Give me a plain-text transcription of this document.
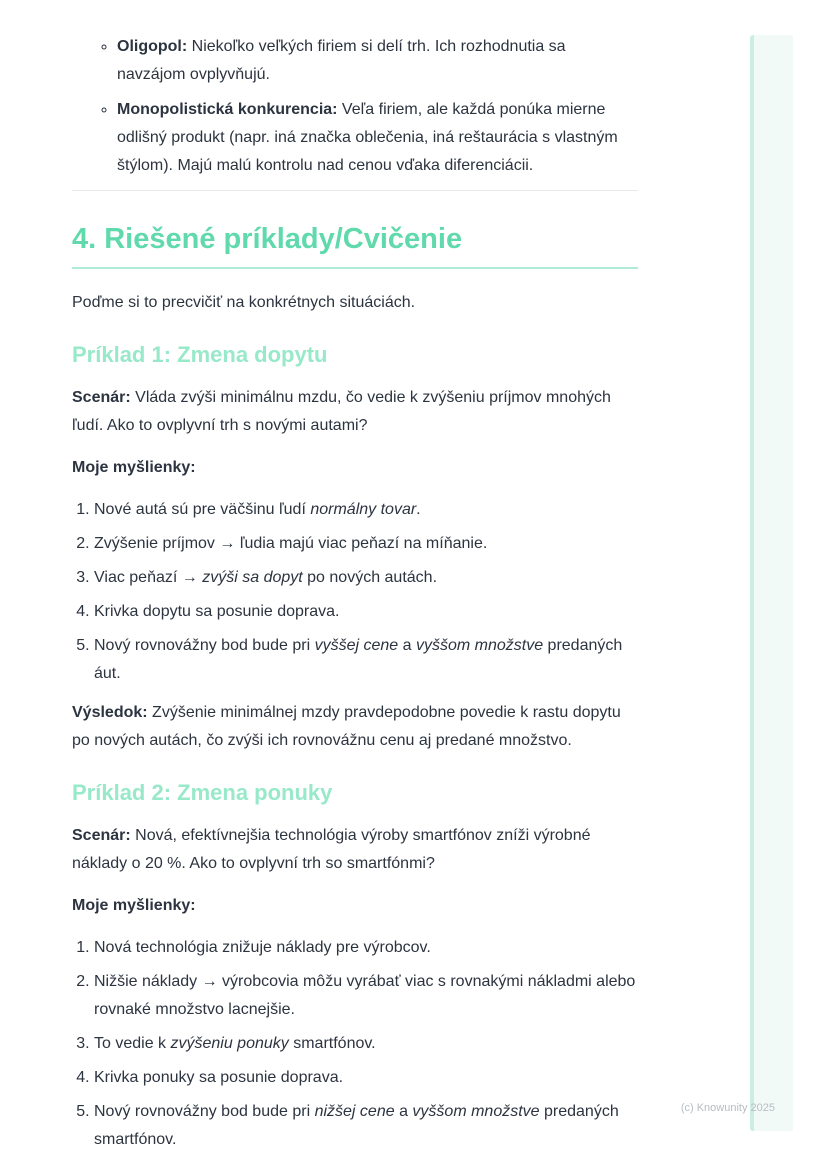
◦ Oligopol: Niekoľko veľkých firiem si delí trh. Ich rozhodnutia sa navzájom ovplyvňujú.
◦ Monopolistická konkurencia: Veľa firiem, ale každá ponúka mierne odlišný produkt (napr. iná značka oblečenia, iná reštaurácia s vlastným štýlom). Majú malú kontrolu nad cenou vďaka diferenciácii.
4. Riešené príklady/Cvičenie

Poďme si to precvičiť na konkrétnych situáciách.

Príklad 1: Zmena dopytu

Scenár: Vláda zvýši minimálnu mzdu, čo vedie k zvýšeniu príjmov mnohých ľudí. Ako to ovplyvní trh s novými autami?

Moje myšlienky:

1. Nové autá sú pre väčšinu ľudí normálny tovar.
2. Zvýšenie príjmov → ľudia majú viac peňazí na míňanie.
3. Viac peňazí → zvýši sa dopyt po nových autách.
4. Krivka dopytu sa posunie doprava.
5. Nový rovnovážny bod bude pri vyššej cene a vyššom množstve predaných áut.

Výsledok: Zvýšenie minimálnej mzdy pravdepodobne povedie k rastu dopytu po nových autách, čo zvýši ich rovnovážnu cenu aj predané množstvo.

Príklad 2: Zmena ponuky

Scenár: Nová, efektívnejšia technológia výroby smartfónov zníži výrobné náklady o 20 %. Ako to ovplyvní trh so smartfónmi?

Moje myšlienky:

1. Nová technológia znižuje náklady pre výrobcov.
2. Nižšie náklady → výrobcovia môžu vyrábať viac s rovnakými nákladmi alebo rovnaké množstvo lacnejšie.
3. To vedie k zvýšeniu ponuky smartfónov.
4. Krivka ponuky sa posunie doprava.
5. Nový rovnovážny bod bude pri nižšej cene a vyššom množstve predaných smartfónov.
(c) Knowunity 2025
